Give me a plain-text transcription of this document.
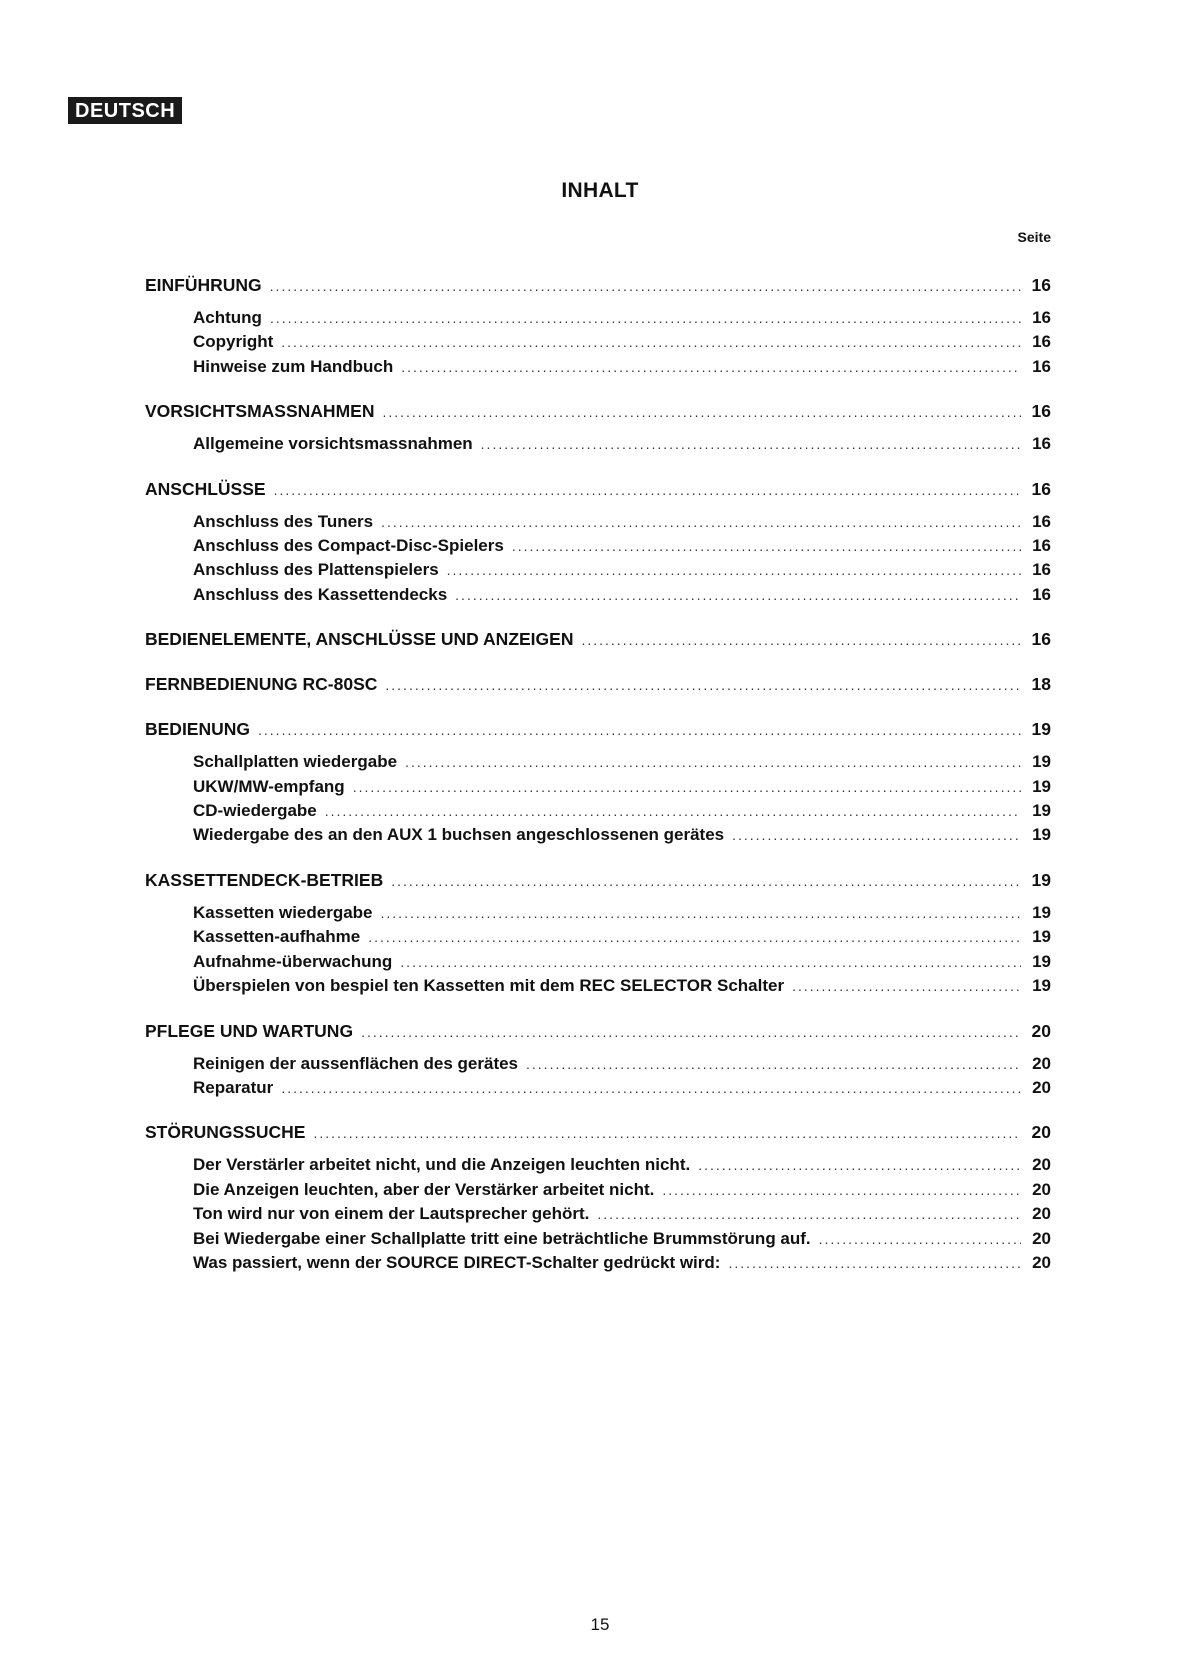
DEUTSCH
INHALT
Seite
EINFÜHRUNG .....	16
Achtung .....	16
Copyright .....	16
Hinweise zum Handbuch .....	16
VORSICHTSMASSNAHMEN .....	16
Allgemeine vorsichtsmassnahmen .....	16
ANSCHLÜSSE .....	16
Anschluss des Tuners .....	16
Anschluss des Compact-Disc-Spielers .....	16
Anschluss des Plattenspielers .....	16
Anschluss des Kassettendecks .....	16
BEDIENELEMENTE, ANSCHLÜSSE UND ANZEIGEN .....	16
FERNBEDIENUNG RC-80SC .....	18
BEDIENUNG .....	19
Schallplatten wiedergabe .....	19
UKW/MW-empfang .....	19
CD-wiedergabe .....	19
Wiedergabe des an den AUX 1 buchsen angeschlossenen gerätes .....	19
KASSETTENDECK-BETRIEB .....	19
Kassetten wiedergabe .....	19
Kassetten-aufhahme .....	19
Aufnahme-überwachung .....	19
Überspielen von bespiel ten Kassetten mit dem REC SELECTOR Schalter .....	19
PFLEGE UND WARTUNG .....	20
Reinigen der aussenflächen des gerätes .....	20
Reparatur .....	20
STÖRUNGSSUCHE .....	20
Der Verstärler arbeitet nicht, und die Anzeigen leuchten nicht. .....	20
Die Anzeigen leuchten, aber der Verstärker arbeitet nicht. .....	20
Ton wird nur von einem der Lautsprecher gehört. .....	20
Bei Wiedergabe einer Schallplatte tritt eine beträchtliche Brummstörung auf. .....	20
Was passiert, wenn der SOURCE DIRECT-Schalter gedrückt wird: .....	20
15
